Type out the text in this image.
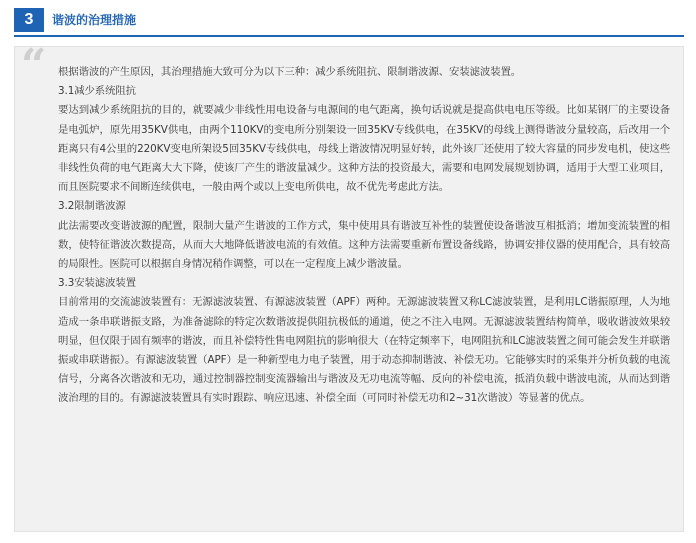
3	谐波的治理措施
“ 根据谐波的产生原因，其治理措施大致可分为以下三种：减少系统阻抗、限制谐波源、安装滤波装置。

3.1减少系统阻抗

要达到减少系统阻抗的目的，就要减少非线性用电设备与电源间的电气距离，换句话说就是提高供电电压等级。比如某钢厂的主要设备是电弧炉，原先用35KV供电，由两个110KV的变电所分别架设一回35KV专线供电，在35KV的母线上测得谐波分量较高，后改用一个距离只有4公里的220KV变电所架设5回35KV专线供电，母线上谐波情况明显好转，此外该厂还使用了较大容量的同步发电机，使这些非线性负荷的电气距离大大下降，使该厂产生的谐波量减少。这种方法的投资最大，需要和电网发展规划协调，适用于大型工业项目，而且医院要求不间断连续供电，一般由两个或以上变电所供电，故不优先考虑此方法。

3.2限制谐波源

此法需要改变谐波源的配置，限制大量产生谐波的工作方式，集中使用具有谐波互补性的装置使设备谐波互相抵消；增加变流装置的相数，使特征谐波次数提高，从而大大地降低谐波电流的有效值。这种方法需要重新布置设备线路，协调安排仪器的使用配合，具有较高的局限性。医院可以根据自身情况稍作调整，可以在一定程度上减少谐波量。

3.3安装滤波装置

目前常用的交流滤波装置有：无源滤波装置、有源滤波装置（APF）两种。无源滤波装置又称LC滤波装置，是利用LC谐振原理，人为地造成一条串联谐振支路，为准备滤除的特定次数谐波提供阻抗极低的通道，使之不注入电网。无源滤波装置结构简单，吸收谐波效果较明显，但仅限于固有频率的谐波，而且补偿特性售电网阻抗的影响很大（在特定频率下，电网阻抗和LC滤波装置之间可能会发生并联谐振或串联谐振）。有源滤波装置（APF）是一种新型电力电子装置，用于动态抑制谐波、补偿无功。它能够实时的采集并分析负载的电流信号，分离各次谐波和无功，通过控制器控制变流器输出与谐波及无功电流等幅、反向的补偿电流，抵消负载中谐波电流，从而达到谐波治理的目的。有源滤波装置具有实时跟踪、响应迅速、补偿全面（可同时补偿无功和2~31次谐波）等显著的优点。
